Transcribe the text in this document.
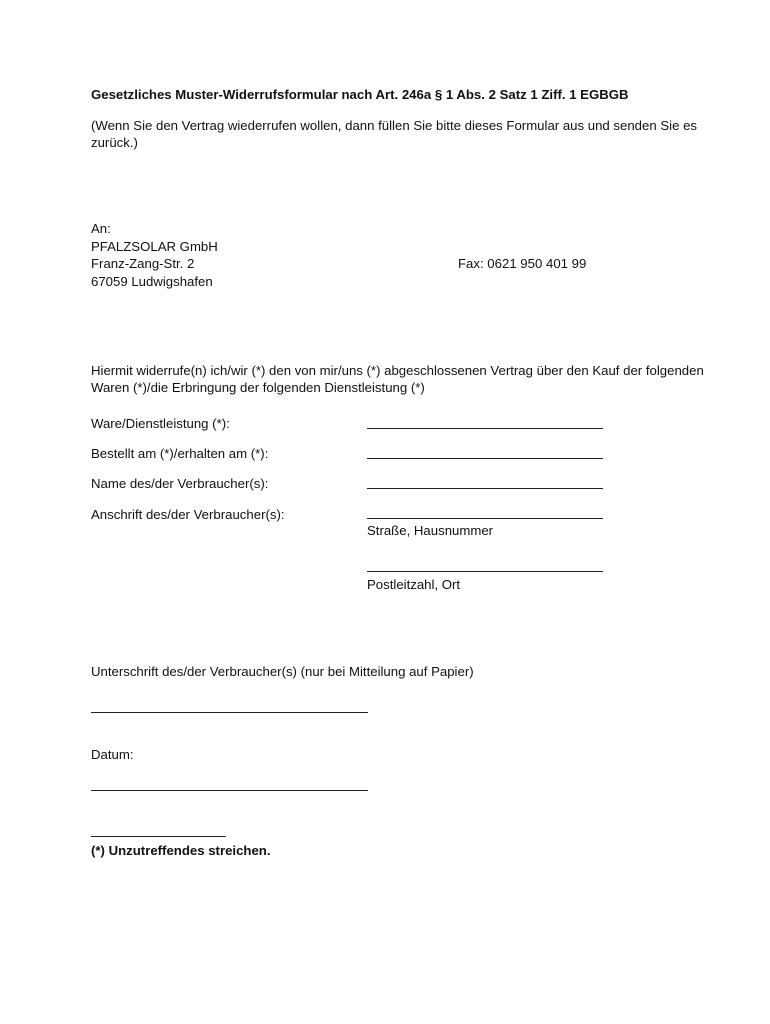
Gesetzliches Muster-Widerrufsformular nach Art. 246a § 1 Abs. 2 Satz 1 Ziff. 1 EGBGB
(Wenn Sie den Vertrag wiederrufen wollen, dann füllen Sie bitte dieses Formular aus und senden Sie es zurück.)
An:
PFALZSOLAR GmbH
Franz-Zang-Str. 2
67059 Ludwigshafen
Fax: 0621 950 401 99
Hiermit widerrufe(n) ich/wir (*) den von mir/uns (*) abgeschlossenen Vertrag über den Kauf der folgenden Waren (*)/die Erbringung der folgenden Dienstleistung (*)
Ware/Dienstleistung (*):
Bestellt am (*)/erhalten am (*):
Name des/der Verbraucher(s):
Anschrift des/der Verbraucher(s):
Straße, Hausnummer
Postleitzahl, Ort
Unterschrift des/der Verbraucher(s) (nur bei Mitteilung auf Papier)
Datum:
(*) Unzutreffendes streichen.
